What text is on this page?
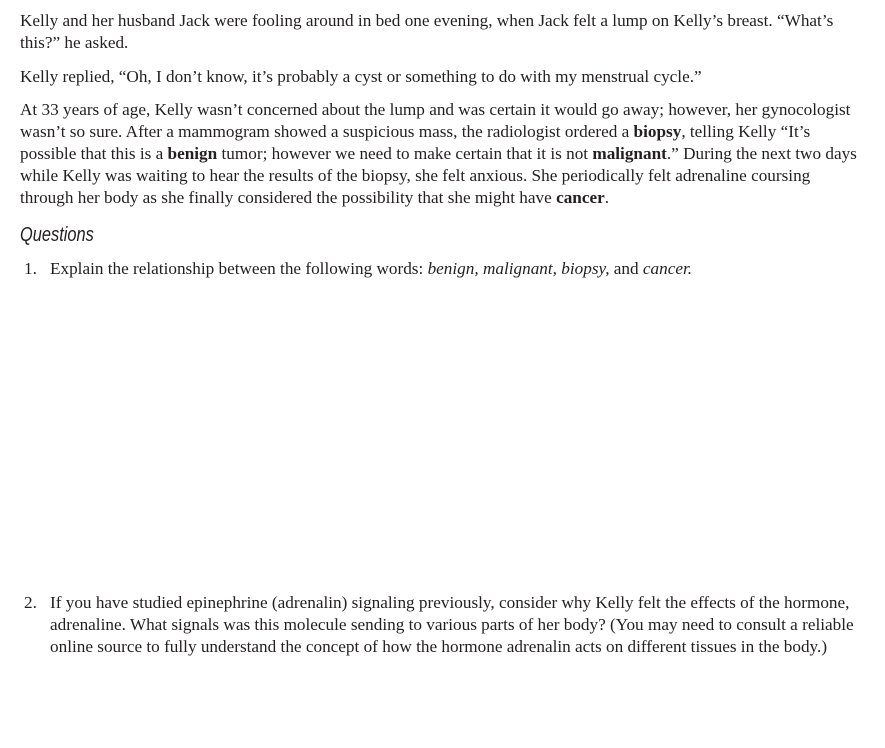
Kelly and her husband Jack were fooling around in bed one evening, when Jack felt a lump on Kelly’s breast. “What’s this?” he asked.

Kelly replied, “Oh, I don’t know, it’s probably a cyst or something to do with my menstrual cycle.”

At 33 years of age, Kelly wasn’t concerned about the lump and was certain it would go away; however, her gynocologist wasn’t so sure. After a mammogram showed a suspicious mass, the radiologist ordered a biopsy, telling Kelly “It’s possible that this is a benign tumor; however we need to make certain that it is not malignant.” During the next two days while Kelly was waiting to hear the results of the biopsy, she felt anxious. She periodically felt adrenaline coursing through her body as she finally considered the possibility that she might have cancer.

Questions
1. Explain the relationship between the following words: benign, malignant, biopsy, and cancer.
2. If you have studied epinephrine (adrenalin) signaling previously, consider why Kelly felt the effects of the hormone, adrenaline. What signals was this molecule sending to various parts of her body? (You may need to consult a reliable online source to fully understand the concept of how the hormone adrenalin acts on different tissues in the body.)
